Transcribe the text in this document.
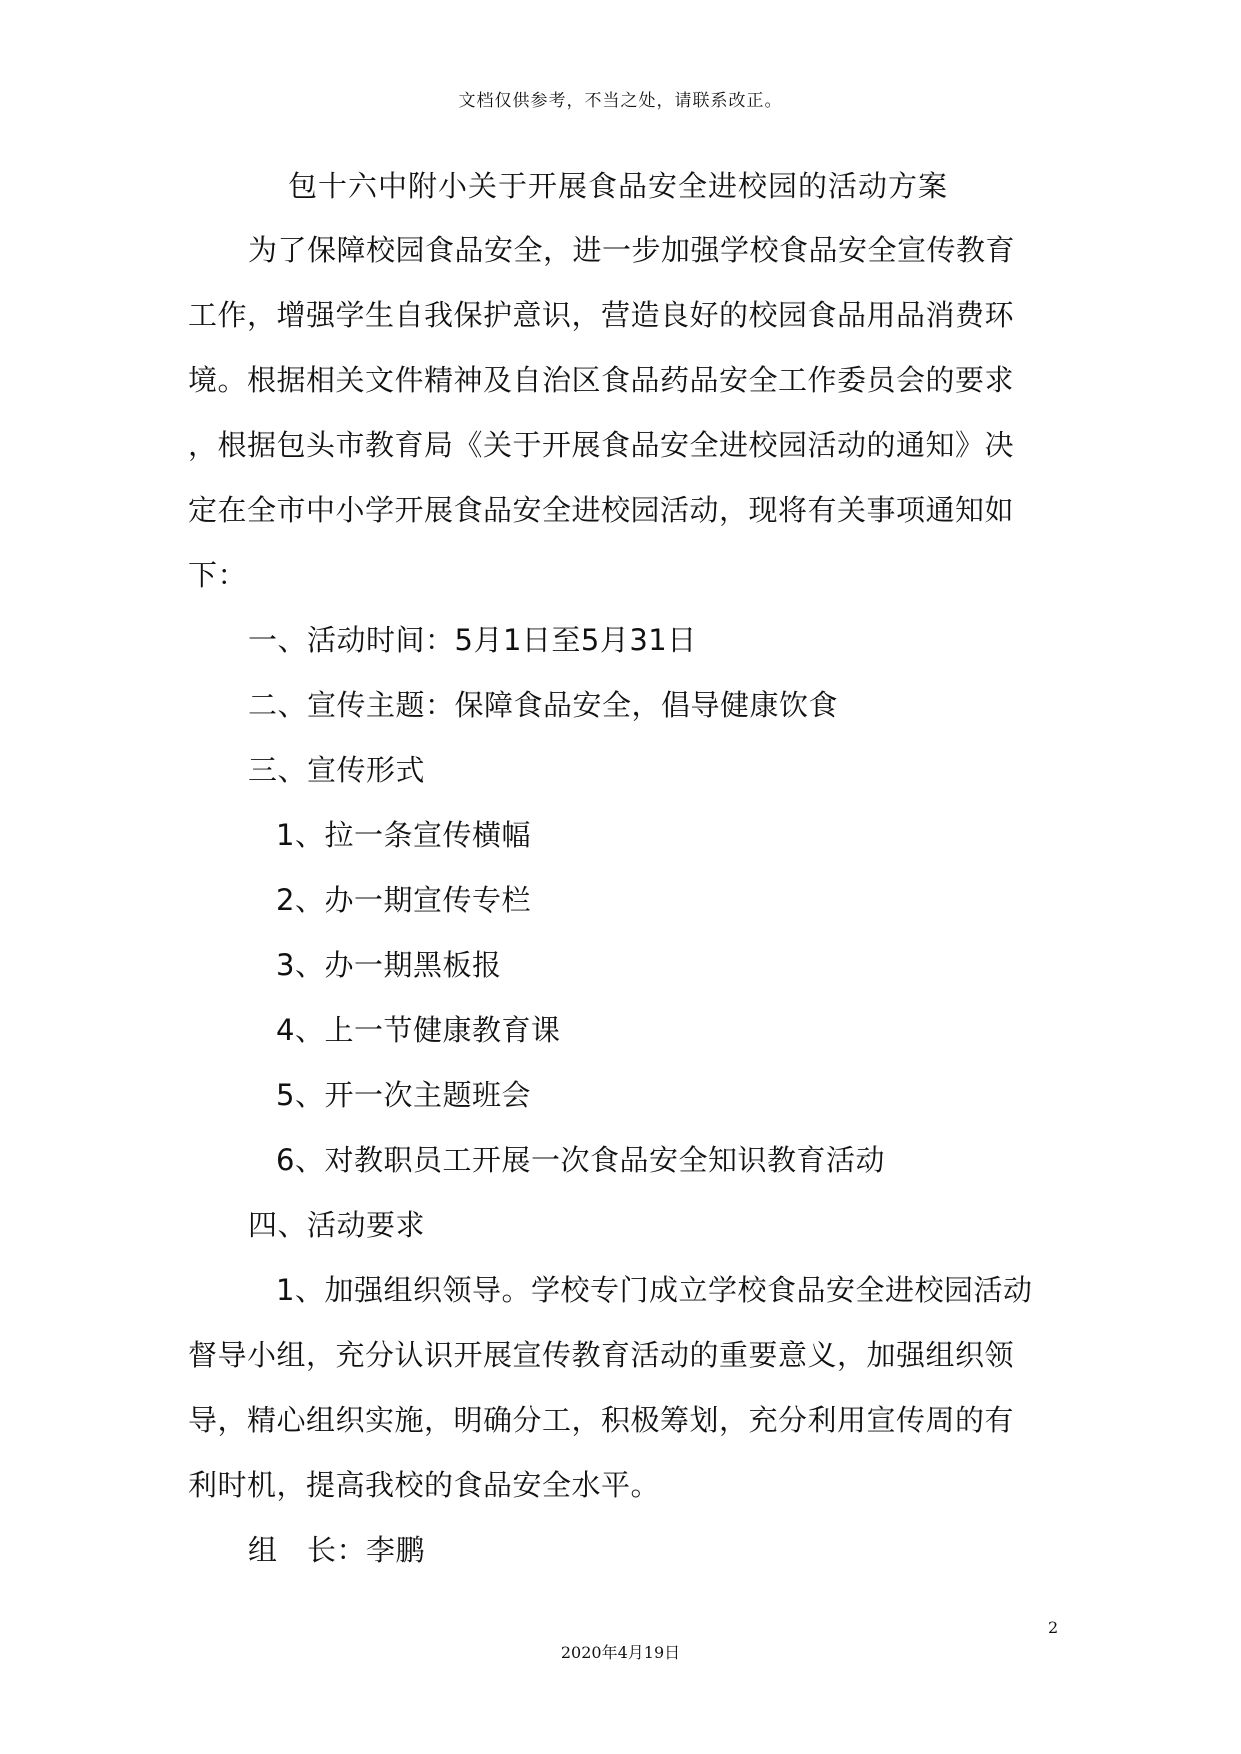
文档仅供参考，不当之处，请联系改正。
包十六中附小关于开展食品安全进校园的活动方案
为了保障校园食品安全，进一步加强学校食品安全宣传教育
工作，增强学生自我保护意识，营造良好的校园食品用品消费环
境。根据相关文件精神及自治区食品药品安全工作委员会的要求
，根据包头市教育局《关于开展食品安全进校园活动的通知》决
定在全市中小学开展食品安全进校园活动，现将有关事项通知如
下：
一、活动时间：5月1日至5月31日
二、宣传主题：保障食品安全，倡导健康饮食
三、宣传形式
1、拉一条宣传横幅
2、办一期宣传专栏
3、办一期黑板报
4、上一节健康教育课
5、开一次主题班会
6、对教职员工开展一次食品安全知识教育活动
四、活动要求
1、加强组织领导。学校专门成立学校食品安全进校园活动
督导小组，充分认识开展宣传教育活动的重要意义，加强组织领
导，精心组织实施，明确分工，积极筹划，充分利用宣传周的有
利时机，提高我校的食品安全水平。
组　长：李鹏
2
2020年4月19日
